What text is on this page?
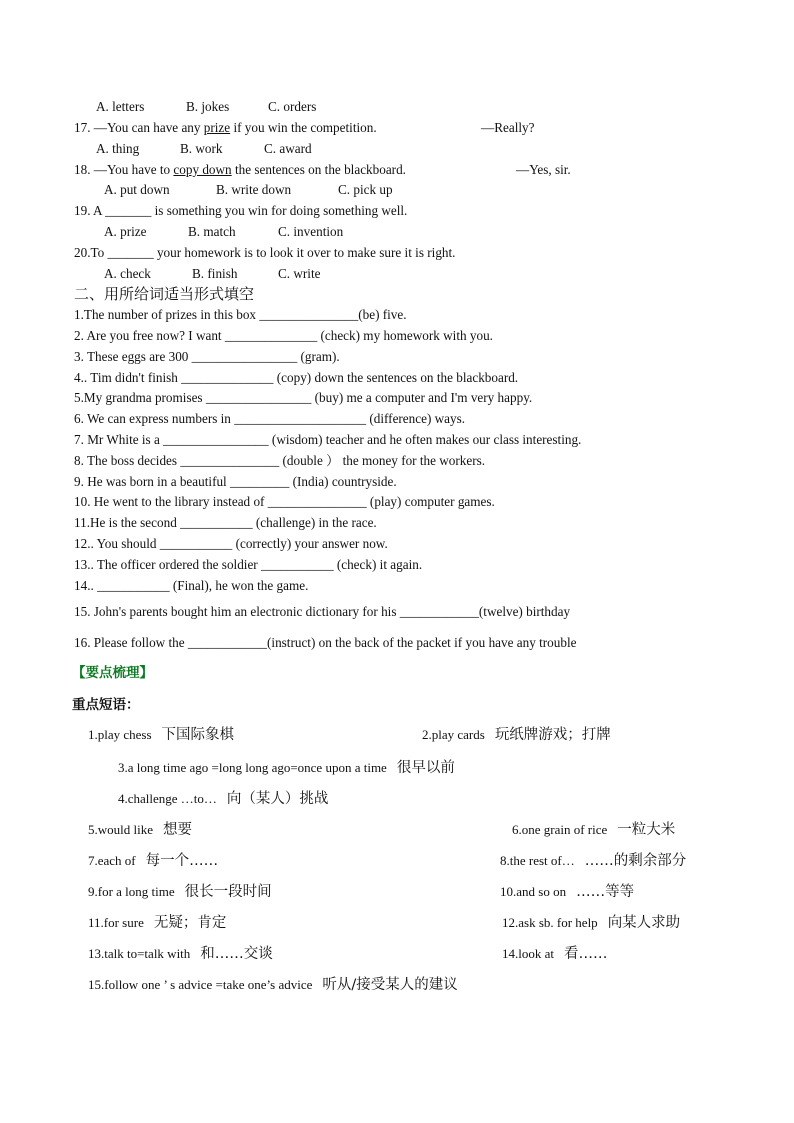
A. letters	B. jokes	C. orders
17. —You can have any prize if you win the competition.	—Really?
A. thing	B. work	C. award
18. —You have to copy down the sentences on the blackboard.	—Yes, sir.
A. put down	B. write down	C. pick up
19. A _______ is something you win for doing something well.
A. prize	B. match	C. invention
20.To _______ your homework is to look it over to make sure it is right.
A. check	B. finish	C. write
二、用所给词适当形式填空
1.The number of prizes in this box _______________(be) five.
2. Are you free now? I want ______________ (check) my homework with you.
3. These eggs are 300 ________________ (gram).
4.. Tim didn't finish ______________ (copy) down the sentences on the blackboard.
5.My grandma promises ________________ (buy) me a computer and I'm very happy.
6. We can express numbers in ____________________ (difference) ways.
7. Mr White is a ________________ (wisdom) teacher and he often makes our class interesting.
8. The boss decides _______________ (double ） the money for the workers.
9. He was born in a beautiful _________ (India) countryside.
10. He went to the library instead of _______________ (play) computer games.
11.He is the second ___________ (challenge) in the race.
12.. You should ___________ (correctly) your answer now.
13.. The officer ordered the soldier ___________ (check) it again.
14.. ___________ (Final), he won the game.
15. John's parents bought him an electronic dictionary for his ____________(twelve) birthday
16. Please follow the ____________(instruct) on the back of the packet if you have any trouble
【要点梳理】
重点短语：
1.play chess 下国际象棋	2.play cards 玩纸牌游戏；打牌
3.a long time ago =long long ago=once upon a time 很早以前
4.challenge …to… 向（某人）挑战
5.would like 想要	6.one grain of rice 一粒大米
7.each of 每一个……	8.the rest of… ……的剩余部分
9.for a long time 很长一段时间	10.and so on ……等等
11.for sure 无疑；肯定	12.ask sb. for help 向某人求助
13.talk to=talk with 和……交谈	14.look at 看……
15.follow one ’ s advice =take one’s advice 听从/接受某人的建议
